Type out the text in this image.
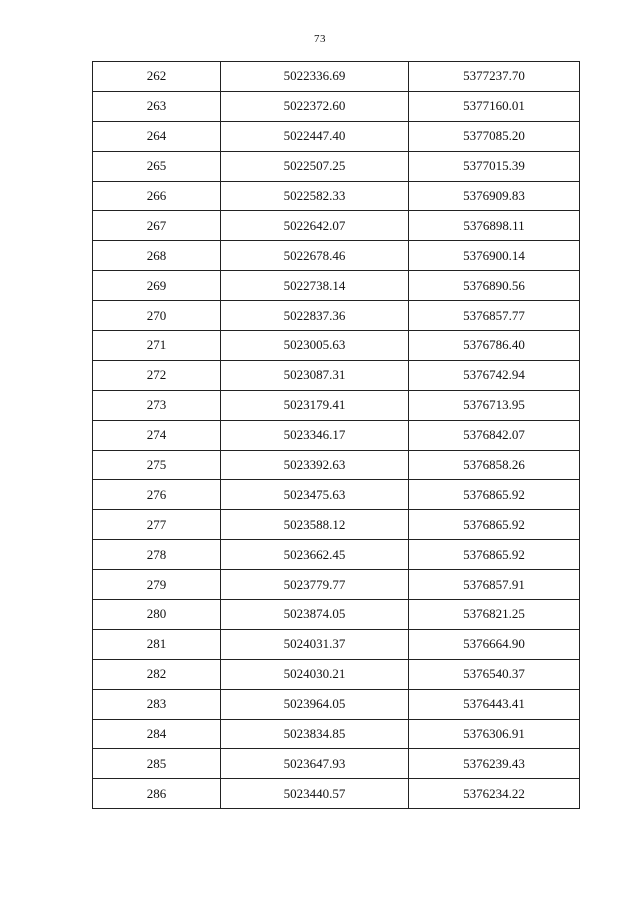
73
262	5022336.69	5377237.70
263	5022372.60	5377160.01
264	5022447.40	5377085.20
265	5022507.25	5377015.39
266	5022582.33	5376909.83
267	5022642.07	5376898.11
268	5022678.46	5376900.14
269	5022738.14	5376890.56
270	5022837.36	5376857.77
271	5023005.63	5376786.40
272	5023087.31	5376742.94
273	5023179.41	5376713.95
274	5023346.17	5376842.07
275	5023392.63	5376858.26
276	5023475.63	5376865.92
277	5023588.12	5376865.92
278	5023662.45	5376865.92
279	5023779.77	5376857.91
280	5023874.05	5376821.25
281	5024031.37	5376664.90
282	5024030.21	5376540.37
283	5023964.05	5376443.41
284	5023834.85	5376306.91
285	5023647.93	5376239.43
286	5023440.57	5376234.22
